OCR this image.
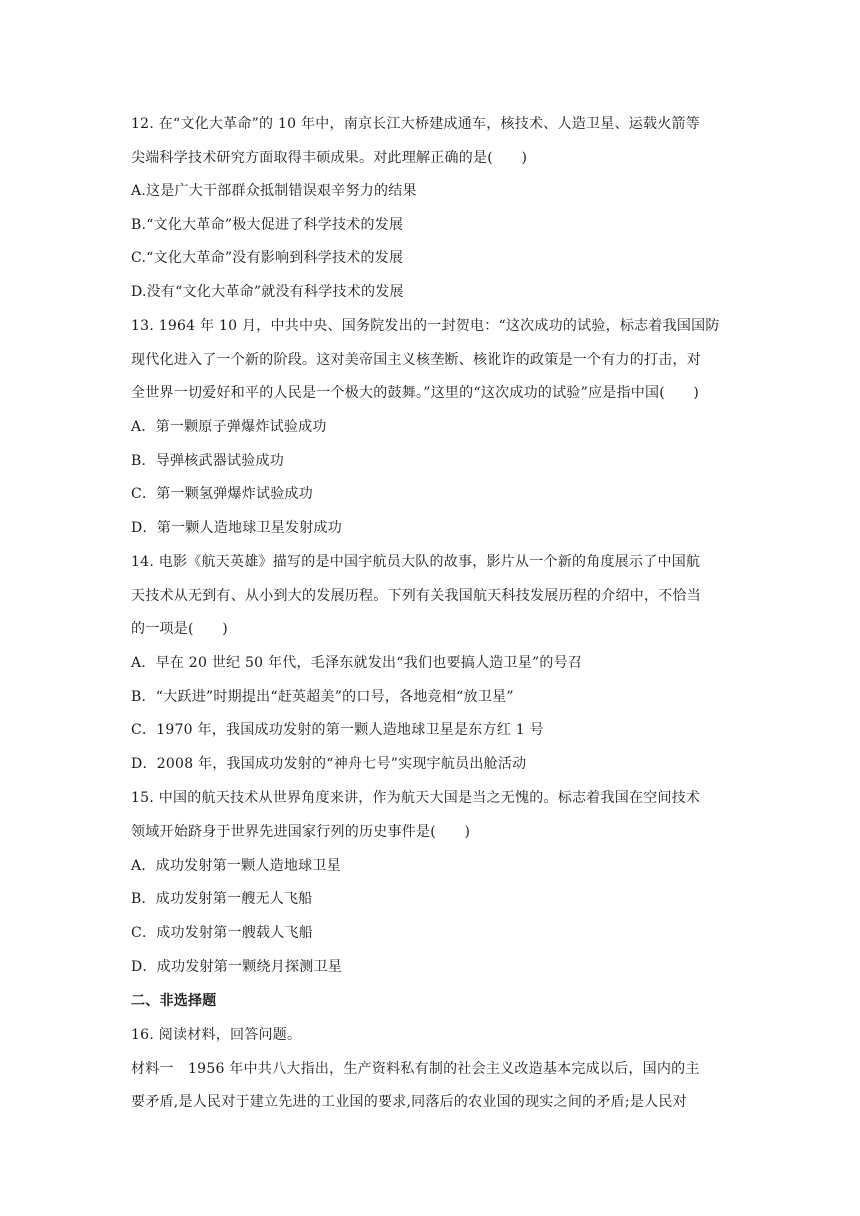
12. 在“文化大革命”的 10 年中，南京长江大桥建成通车，核技术、人造卫星、运载火箭等
尖端科学技术研究方面取得丰硕成果。对此理解正确的是(　　)
A.这是广大干部群众抵制错误艰辛努力的结果
B.“文化大革命”极大促进了科学技术的发展
C.“文化大革命”没有影响到科学技术的发展
D.没有“文化大革命”就没有科学技术的发展
13. 1964 年 10 月，中共中央、国务院发出的一封贺电：“这次成功的试验，标志着我国国防
现代化进入了一个新的阶段。这对美帝国主义核垄断、核讹诈的政策是一个有力的打击，对
全世界一切爱好和平的人民是一个极大的鼓舞。”这里的“这次成功的试验”应是指中国(　　)
A．第一颗原子弹爆炸试验成功
B．导弹核武器试验成功
C．第一颗氢弹爆炸试验成功
D．第一颗人造地球卫星发射成功
14. 电影《航天英雄》描写的是中国宇航员大队的故事，影片从一个新的角度展示了中国航
天技术从无到有、从小到大的发展历程。下列有关我国航天科技发展历程的介绍中，不恰当
的一项是(　　)
A．早在 20 世纪 50 年代，毛泽东就发出“我们也要搞人造卫星”的号召
B．“大跃进”时期提出“赶英超美”的口号，各地竞相“放卫星”
C．1970 年，我国成功发射的第一颗人造地球卫星是东方红 1 号
D．2008 年，我国成功发射的“神舟七号”实现宇航员出舱活动
15. 中国的航天技术从世界角度来讲，作为航天大国是当之无愧的。标志着我国在空间技术
领域开始跻身于世界先进国家行列的历史事件是(　　)
A．成功发射第一颗人造地球卫星
B．成功发射第一艘无人飞船
C．成功发射第一艘载人飞船
D．成功发射第一颗绕月探测卫星
二、非选择题
16. 阅读材料，回答问题。
材料一　1956 年中共八大指出，生产资料私有制的社会主义改造基本完成以后，国内的主
要矛盾,是人民对于建立先进的工业国的要求,同落后的农业国的现实之间的矛盾;是人民对
